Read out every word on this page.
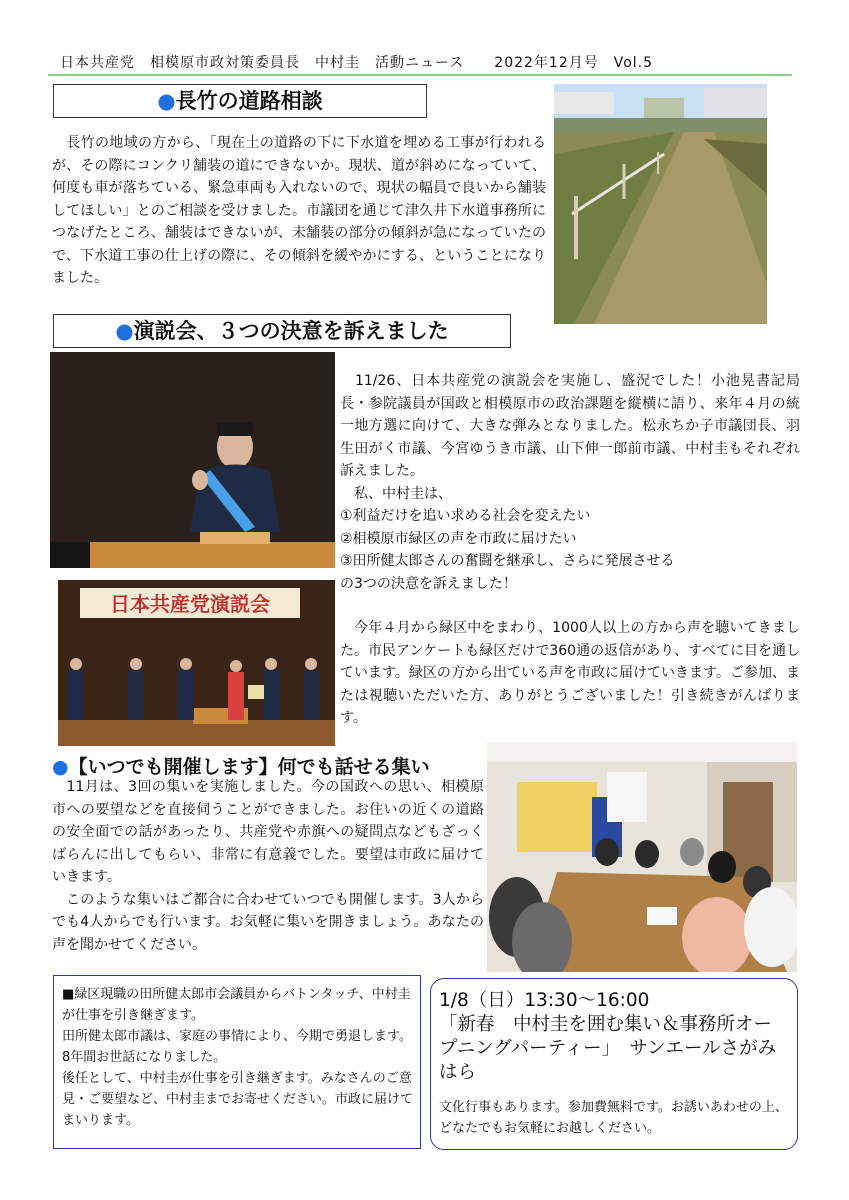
日本共産党　相模原市政対策委員長　中村圭　活動ニュース　　2022年12月号　Vol.5
●長竹の道路相談
　長竹の地域の方から、「現在土の道路の下に下水道を埋める工事が行われるが、その際にコンクリ舗装の道にできないか。現状、道が斜めになっていて、何度も車が落ちている、緊急車両も入れないので、現状の幅員で良いから舗装してほしい」とのご相談を受けました。市議団を通じて津久井下水道事務所につなげたところ、舗装はできないが、未舗装の部分の傾斜が急になっていたので、下水道工事の仕上げの際に、その傾斜を緩やかにする、ということになりました。
●演説会、３つの決意を訴えました
日本共産党演説会
　11/26、日本共産党の演説会を実施し、盛況でした！小池晃書記局長・参院議員が国政と相模原市の政治課題を縦横に語り、来年４月の統一地方選に向けて、大きな弾みとなりました。松永ちか子市議団長、羽生田がく市議、今宮ゆうき市議、山下伸一郎前市議、中村圭もそれぞれ訴えました。
　私、中村圭は、
①利益だけを追い求める社会を変えたい
②相模原市緑区の声を市政に届けたい
③田所健太郎さんの奮闘を継承し、さらに発展させる
の3つの決意を訴えました！
　今年４月から緑区中をまわり、1000人以上の方から声を聴いてきました。市民アンケートも緑区だけで360通の返信があり、すべてに目を通しています。緑区の方から出ている声を市政に届けていきます。ご参加、または視聴いただいた方、ありがとうございました！引き続きがんばります。
●【いつでも開催します】何でも話せる集い
　11月は、3回の集いを実施しました。今の国政への思い、相模原市への要望などを直接伺うことができました。お住いの近くの道路の安全面での話があったり、共産党や赤旗への疑問点などもざっくばらんに出してもらい、非常に有意義でした。要望は市政に届けていきます。
　このような集いはご都合に合わせていつでも開催します。3人からでも4人からでも行います。お気軽に集いを開きましょう。あなたの声を聞かせてください。
■緑区現職の田所健太郎市会議員からバトンタッチ、中村圭が仕事を引き継ぎます。
田所健太郎市議は、家庭の事情により、今期で勇退します。8年間お世話になりました。
後任として、中村圭が仕事を引き継ぎます。みなさんのご意見・ご要望など、中村圭までお寄せください。市政に届けてまいります。
1/8（日）13:30～16:00
「新春　中村圭を囲む集い＆事務所オープニングパーティー」　サンエールさがみはら
文化行事もあります。参加費無料です。お誘いあわせの上、どなたでもお気軽にお越しください。
